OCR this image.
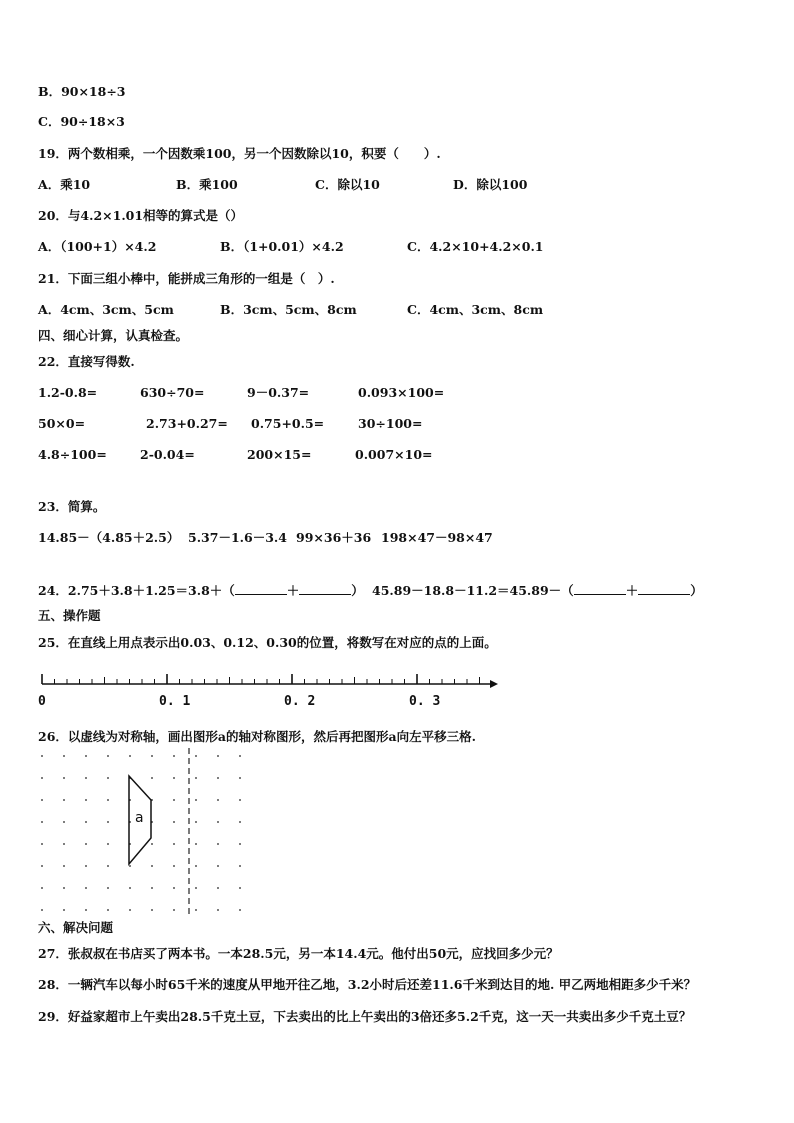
B．90×18÷3
C．90÷18×3
19．两个数相乘，一个因数乘100，另一个因数除以10，积要（　　）.
A．乘10	B．乘100	C．除以10	D．除以100
20．与4.2×1.01相等的算式是（）
A．（100+1）×4.2	B．（1+0.01）×4.2	C．4.2×10+4.2×0.1
21．下面三组小棒中，能拼成三角形的一组是（　）.
A．4cm、3cm、5cm	B．3cm、5cm、8cm	C．4cm、3cm、8cm
四、细心计算，认真检查。
22．直接写得数.
1.2-0.8=	630÷70=	9－0.37=	0.093×100=
50×0=	2.73+0.27= 0.75+0.5=	30÷100=
4.8÷100=	2-0.04=	200×15=	0.007×10=
23．简算。
14.85－（4.85＋2.5） 5.37－1.6－3.4 99×36＋36 198×47－98×47
24．2.75＋3.8＋1.25＝3.8＋（	＋	） 45.89－18.8－11.2＝45.89－（	＋	）
五、操作题
25．在直线上用点表示出0.03、0.12、0.30的位置，将数写在对应的点的上面。
0	0. 1	0. 2	0. 3
26．以虚线为对称轴，画出图形a的轴对称图形，然后再把图形a向左平移三格.
a
六、解决问题
27．张叔叔在书店买了两本书。一本28.5元，另一本14.4元。他付出50元，应找回多少元？
28．一辆汽车以每小时65千米的速度从甲地开往乙地，3.2小时后还差11.6千米到达目的地. 甲乙两地相距多少千米？
29．好益家超市上午卖出28.5千克土豆，下去卖出的比上午卖出的3倍还多5.2千克，这一天一共卖出多少千克土豆？
